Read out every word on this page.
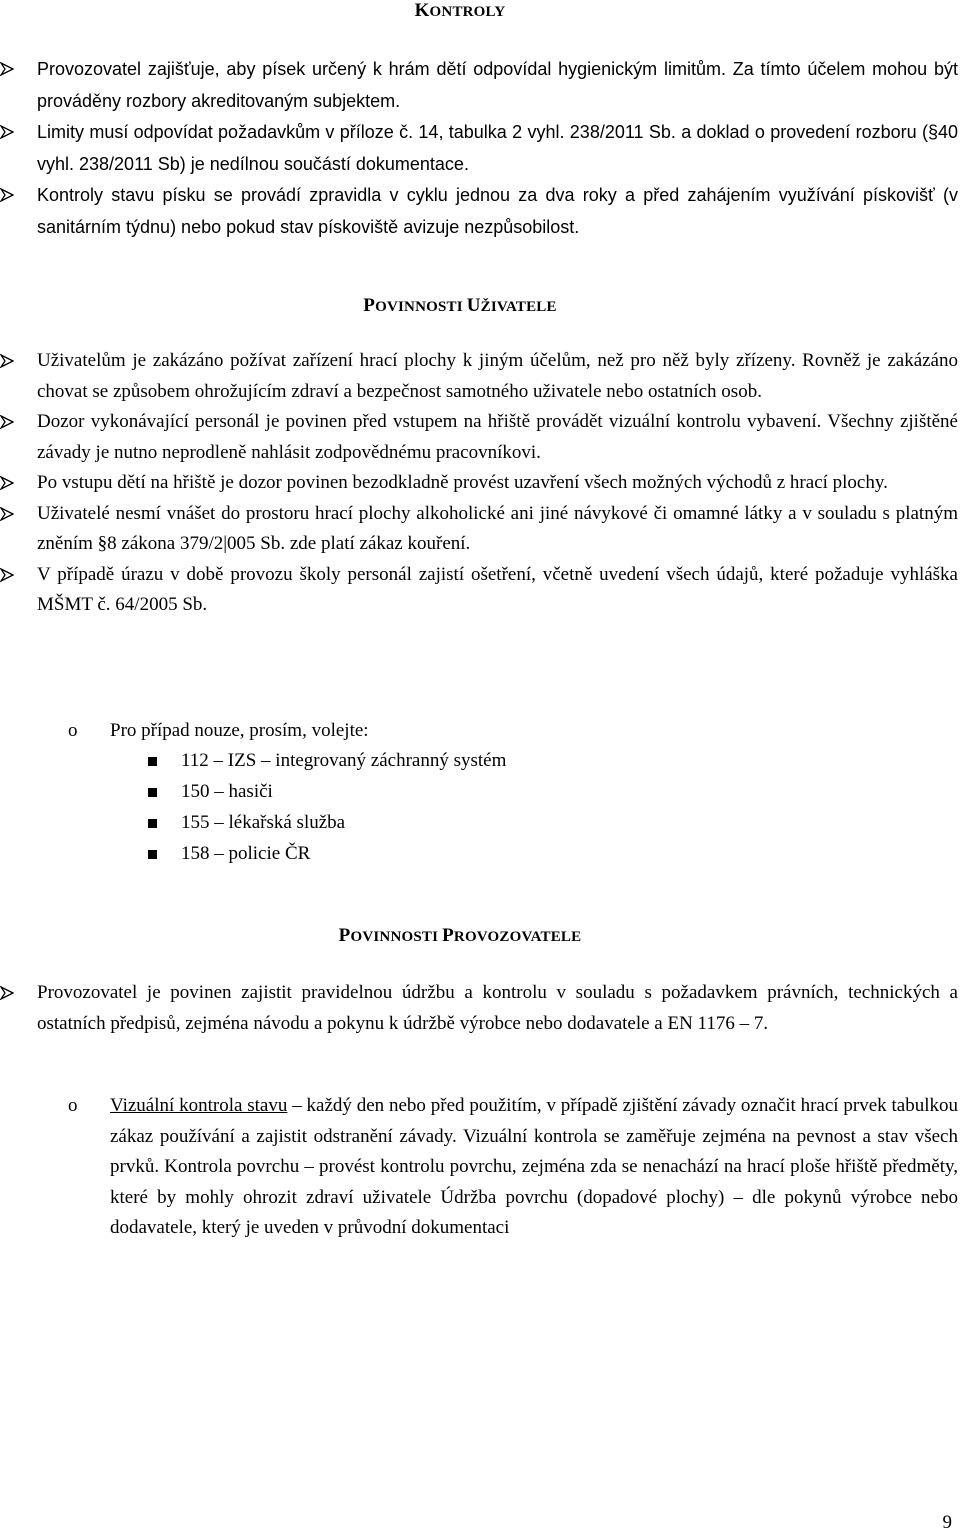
KONTROLY
Provozovatel zajišťuje, aby písek určený k hrám dětí odpovídal hygienickým limitům. Za tímto účelem mohou být prováděny rozbory akreditovaným subjektem.
Limity musí odpovídat požadavkům v příloze č. 14, tabulka 2 vyhl. 238/2011 Sb. a doklad o provedení rozboru (§40 vyhl. 238/2011 Sb) je nedílnou součástí dokumentace.
Kontroly stavu písku se provádí zpravidla v cyklu jednou za dva roky a před zahájením využívání pískovišť (v sanitárním týdnu) nebo pokud stav pískoviště avizuje nezpůsobilost.
POVINNOSTI UŽIVATELE
Uživatelům je zakázáno požívat zařízení hrací plochy k jiným účelům, než pro něž byly zřízeny. Rovněž je zakázáno chovat se způsobem ohrožujícím zdraví a bezpečnost samotného uživatele nebo ostatních osob.
Dozor vykonávající personál je povinen před vstupem na hřiště provádět vizuální kontrolu vybavení. Všechny zjištěné závady je nutno neprodleně nahlásit zodpovědnému pracovníkovi.
Po vstupu dětí na hřiště je dozor povinen bezodkladně provést uzavření všech možných východů z hrací plochy.
Uživatelé nesmí vnášet do prostoru hrací plochy alkoholické ani jiné návykové či omamné látky a v souladu s platným zněním §8 zákona 379/2|005 Sb. zde platí zákaz kouření.
V případě úrazu v době provozu školy personál zajistí ošetření, včetně uvedení všech údajů, které požaduje vyhláška MŠMT č. 64/2005 Sb.
o Pro případ nouze, prosím, volejte:
112 – IZS – integrovaný záchranný systém
150 – hasiči
155 – lékařská služba
158 – policie ČR
POVINNOSTI PROVOZOVATELE
Provozovatel je povinen zajistit pravidelnou údržbu a kontrolu v souladu s požadavkem právních, technických a ostatních předpisů, zejména návodu a pokynu k údržbě výrobce nebo dodavatele a EN 1176 – 7.
o Vizuální kontrola stavu – každý den nebo před použitím, v případě zjištění závady označit hrací prvek tabulkou zákaz používání a zajistit odstranění závady. Vizuální kontrola se zaměřuje zejména na pevnost a stav všech prvků. Kontrola povrchu – provést kontrolu povrchu, zejména zda se nenachází na hrací ploše hřiště předměty, které by mohly ohrozit zdraví uživatele Údržba povrchu (dopadové plochy) – dle pokynů výrobce nebo dodavatele, který je uveden v průvodní dokumentaci
9
